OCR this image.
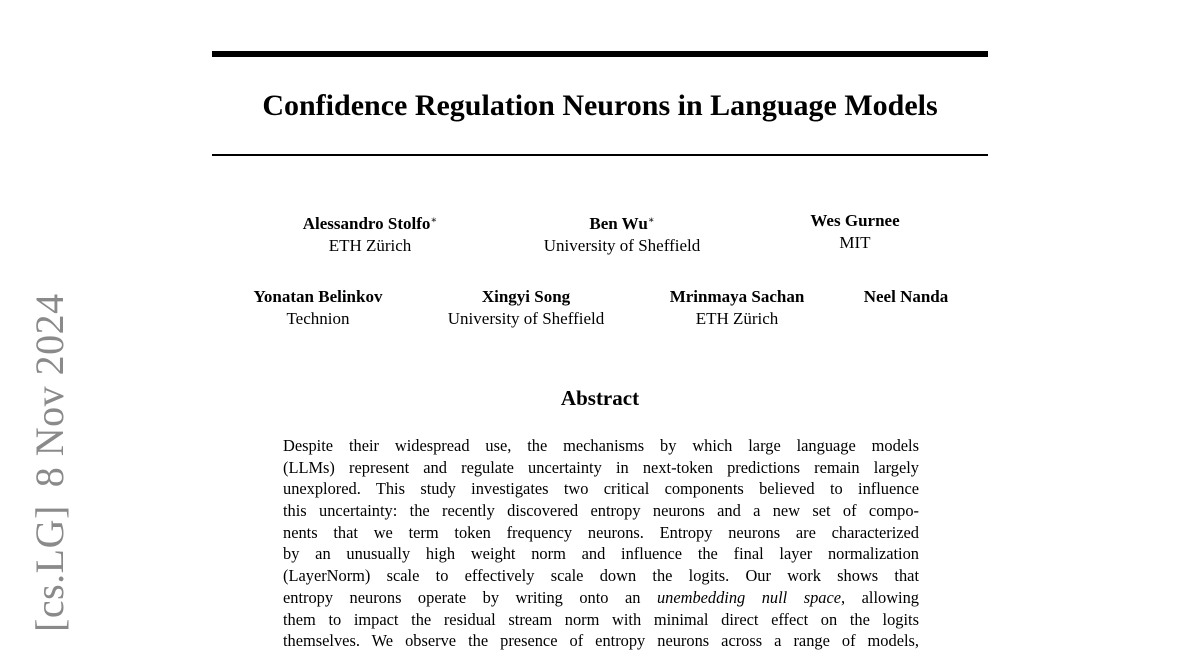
[cs.LG]8 Nov 2024
Confidence Regulation Neurons in Language Models
Alessandro Stolfo∗
ETH Zürich
Ben Wu∗
University of Sheffield
Wes Gurnee
MIT
Yonatan Belinkov
Technion
Xingyi Song
University of Sheffield
Mrinmaya Sachan
ETH Zürich
Neel Nanda
Abstract
Despite their widespread use, the mechanisms by which large language models
(LLMs) represent and regulate uncertainty in next-token predictions remain largely
unexplored. This study investigates two critical components believed to influence
this uncertainty: the recently discovered entropy neurons and a new set of compo-
nents that we term token frequency neurons. Entropy neurons are characterized
by an unusually high weight norm and influence the final layer normalization
(LayerNorm) scale to effectively scale down the logits. Our work shows that
entropy neurons operate by writing onto an unembedding null space, allowing
them to impact the residual stream norm with minimal direct effect on the logits
themselves. We observe the presence of entropy neurons across a range of models,
